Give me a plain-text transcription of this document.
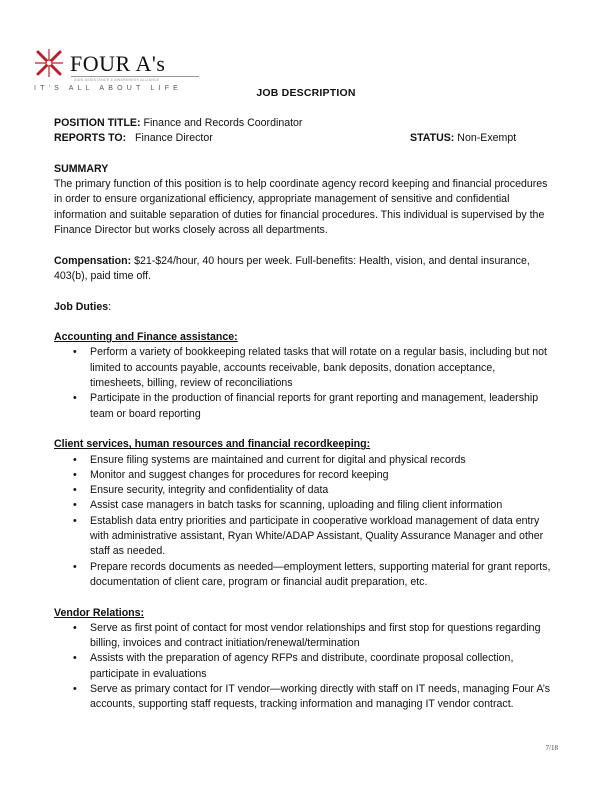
FOUR A's
AIDS ASSISTANCE & AWARENESS ALLIANCE
IT'S ALL ABOUT LIFE	JOB DESCRIPTION
POSITION TITLE: Finance and Records Coordinator
REPORTS TO: Finance Director	STATUS: Non-Exempt
SUMMARY

The primary function of this position is to help coordinate agency record keeping and financial procedures in order to ensure organizational efficiency, appropriate management of sensitive and confidential information and suitable separation of duties for financial procedures. This individual is supervised by the Finance Director but works closely across all departments.

Compensation: $21-$24/hour, 40 hours per week. Full-benefits: Health, vision, and dental insurance, 403(b), paid time off.

Job Duties:
Accounting and Finance assistance:
• Perform a variety of bookkeeping related tasks that will rotate on a regular basis, including but not limited to accounts payable, accounts receivable, bank deposits, donation acceptance, timesheets, billing, review of reconciliations
• Participate in the production of financial reports for grant reporting and management, leadership team or board reporting
Client services, human resources and financial recordkeeping:
• Ensure filing systems are maintained and current for digital and physical records
• Monitor and suggest changes for procedures for record keeping
• Ensure security, integrity and confidentiality of data
• Assist case managers in batch tasks for scanning, uploading and filing client information
• Establish data entry priorities and participate in cooperative workload management of data entry with administrative assistant, Ryan White/ADAP Assistant, Quality Assurance Manager and other staff as needed.
• Prepare records documents as needed—employment letters, supporting material for grant reports, documentation of client care, program or financial audit preparation, etc.
Vendor Relations:
• Serve as first point of contact for most vendor relationships and first stop for questions regarding billing, invoices and contract initiation/renewal/termination
• Assists with the preparation of agency RFPs and distribute, coordinate proposal collection, participate in evaluations
• Serve as primary contact for IT vendor—working directly with staff on IT needs, managing Four A’s accounts, supporting staff requests, tracking information and managing IT vendor contract.
7/18
